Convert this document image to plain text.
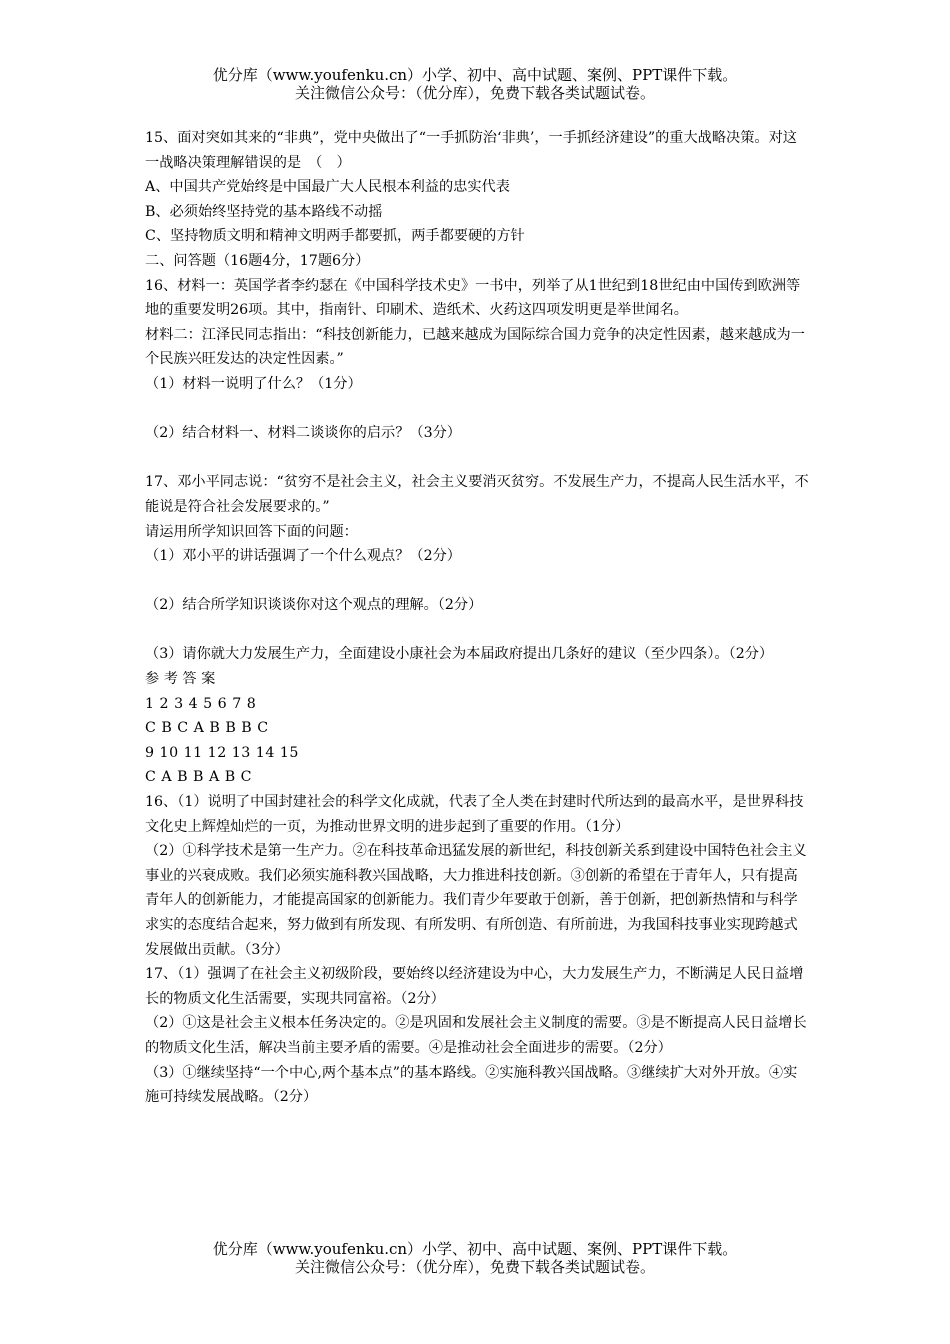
优分库（www.youfenku.cn）小学、初中、高中试题、案例、PPT课件下载。

关注微信公众号：（优分库），免费下载各类试题试卷。

15、面对突如其来的“非典”，党中央做出了“一手抓防治‘非典’，一手抓经济建设”的重大战略决策。对这一战略决策理解错误的是　（　）

A、中国共产党始终是中国最广大人民根本利益的忠实代表

B、必须始终坚持党的基本路线不动摇

C、坚持物质文明和精神文明两手都要抓，两手都要硬的方针

二、问答题（16题4分，17题6分）

16、材料一：英国学者李约瑟在《中国科学技术史》一书中，列举了从1世纪到18世纪由中国传到欧洲等地的重要发明26项。其中，指南针、印刷术、造纸术、火药这四项发明更是举世闻名。

材料二：江泽民同志指出：“科技创新能力，已越来越成为国际综合国力竞争的决定性因素，越来越成为一个民族兴旺发达的决定性因素。”

（1）材料一说明了什么？（1分）

（2）结合材料一、材料二谈谈你的启示？（3分）

17、邓小平同志说：“贫穷不是社会主义，社会主义要消灭贫穷。不发展生产力，不提高人民生活水平，不能说是符合社会发展要求的。”

请运用所学知识回答下面的问题：

（1）邓小平的讲话强调了一个什么观点？（2分）

（2）结合所学知识谈谈你对这个观点的理解。（2分）

（3）请你就大力发展生产力，全面建设小康社会为本届政府提出几条好的建议（至少四条）。（2分）

参 考 答 案

1 2 3 4 5 6 7 8

C B C A B B B C

9 10 11 12 13 14 15

C A B B A B C

16、（1）说明了中国封建社会的科学文化成就，代表了全人类在封建时代所达到的最高水平，是世界科技文化史上辉煌灿烂的一页，为推动世界文明的进步起到了重要的作用。（1分）

（2）①科学技术是第一生产力。②在科技革命迅猛发展的新世纪，科技创新关系到建设中国特色社会主义事业的兴衰成败。我们必须实施科教兴国战略，大力推进科技创新。③创新的希望在于青年人，只有提高青年人的创新能力，才能提高国家的创新能力。我们青少年要敢于创新，善于创新，把创新热情和与科学求实的态度结合起来，努力做到有所发现、有所发明、有所创造、有所前进，为我国科技事业实现跨越式发展做出贡献。（3分）

17、（1）强调了在社会主义初级阶段，要始终以经济建设为中心，大力发展生产力，不断满足人民日益增长的物质文化生活需要，实现共同富裕。（2分）

（2）①这是社会主义根本任务决定的。②是巩固和发展社会主义制度的需要。③是不断提高人民日益增长的物质文化生活，解决当前主要矛盾的需要。④是推动社会全面进步的需要。（2分）

（3）①继续坚持“一个中心,两个基本点”的基本路线。②实施科教兴国战略。③继续扩大对外开放。④实施可持续发展战略。（2分）

优分库（www.youfenku.cn）小学、初中、高中试题、案例、PPT课件下载。

关注微信公众号：（优分库），免费下载各类试题试卷。
